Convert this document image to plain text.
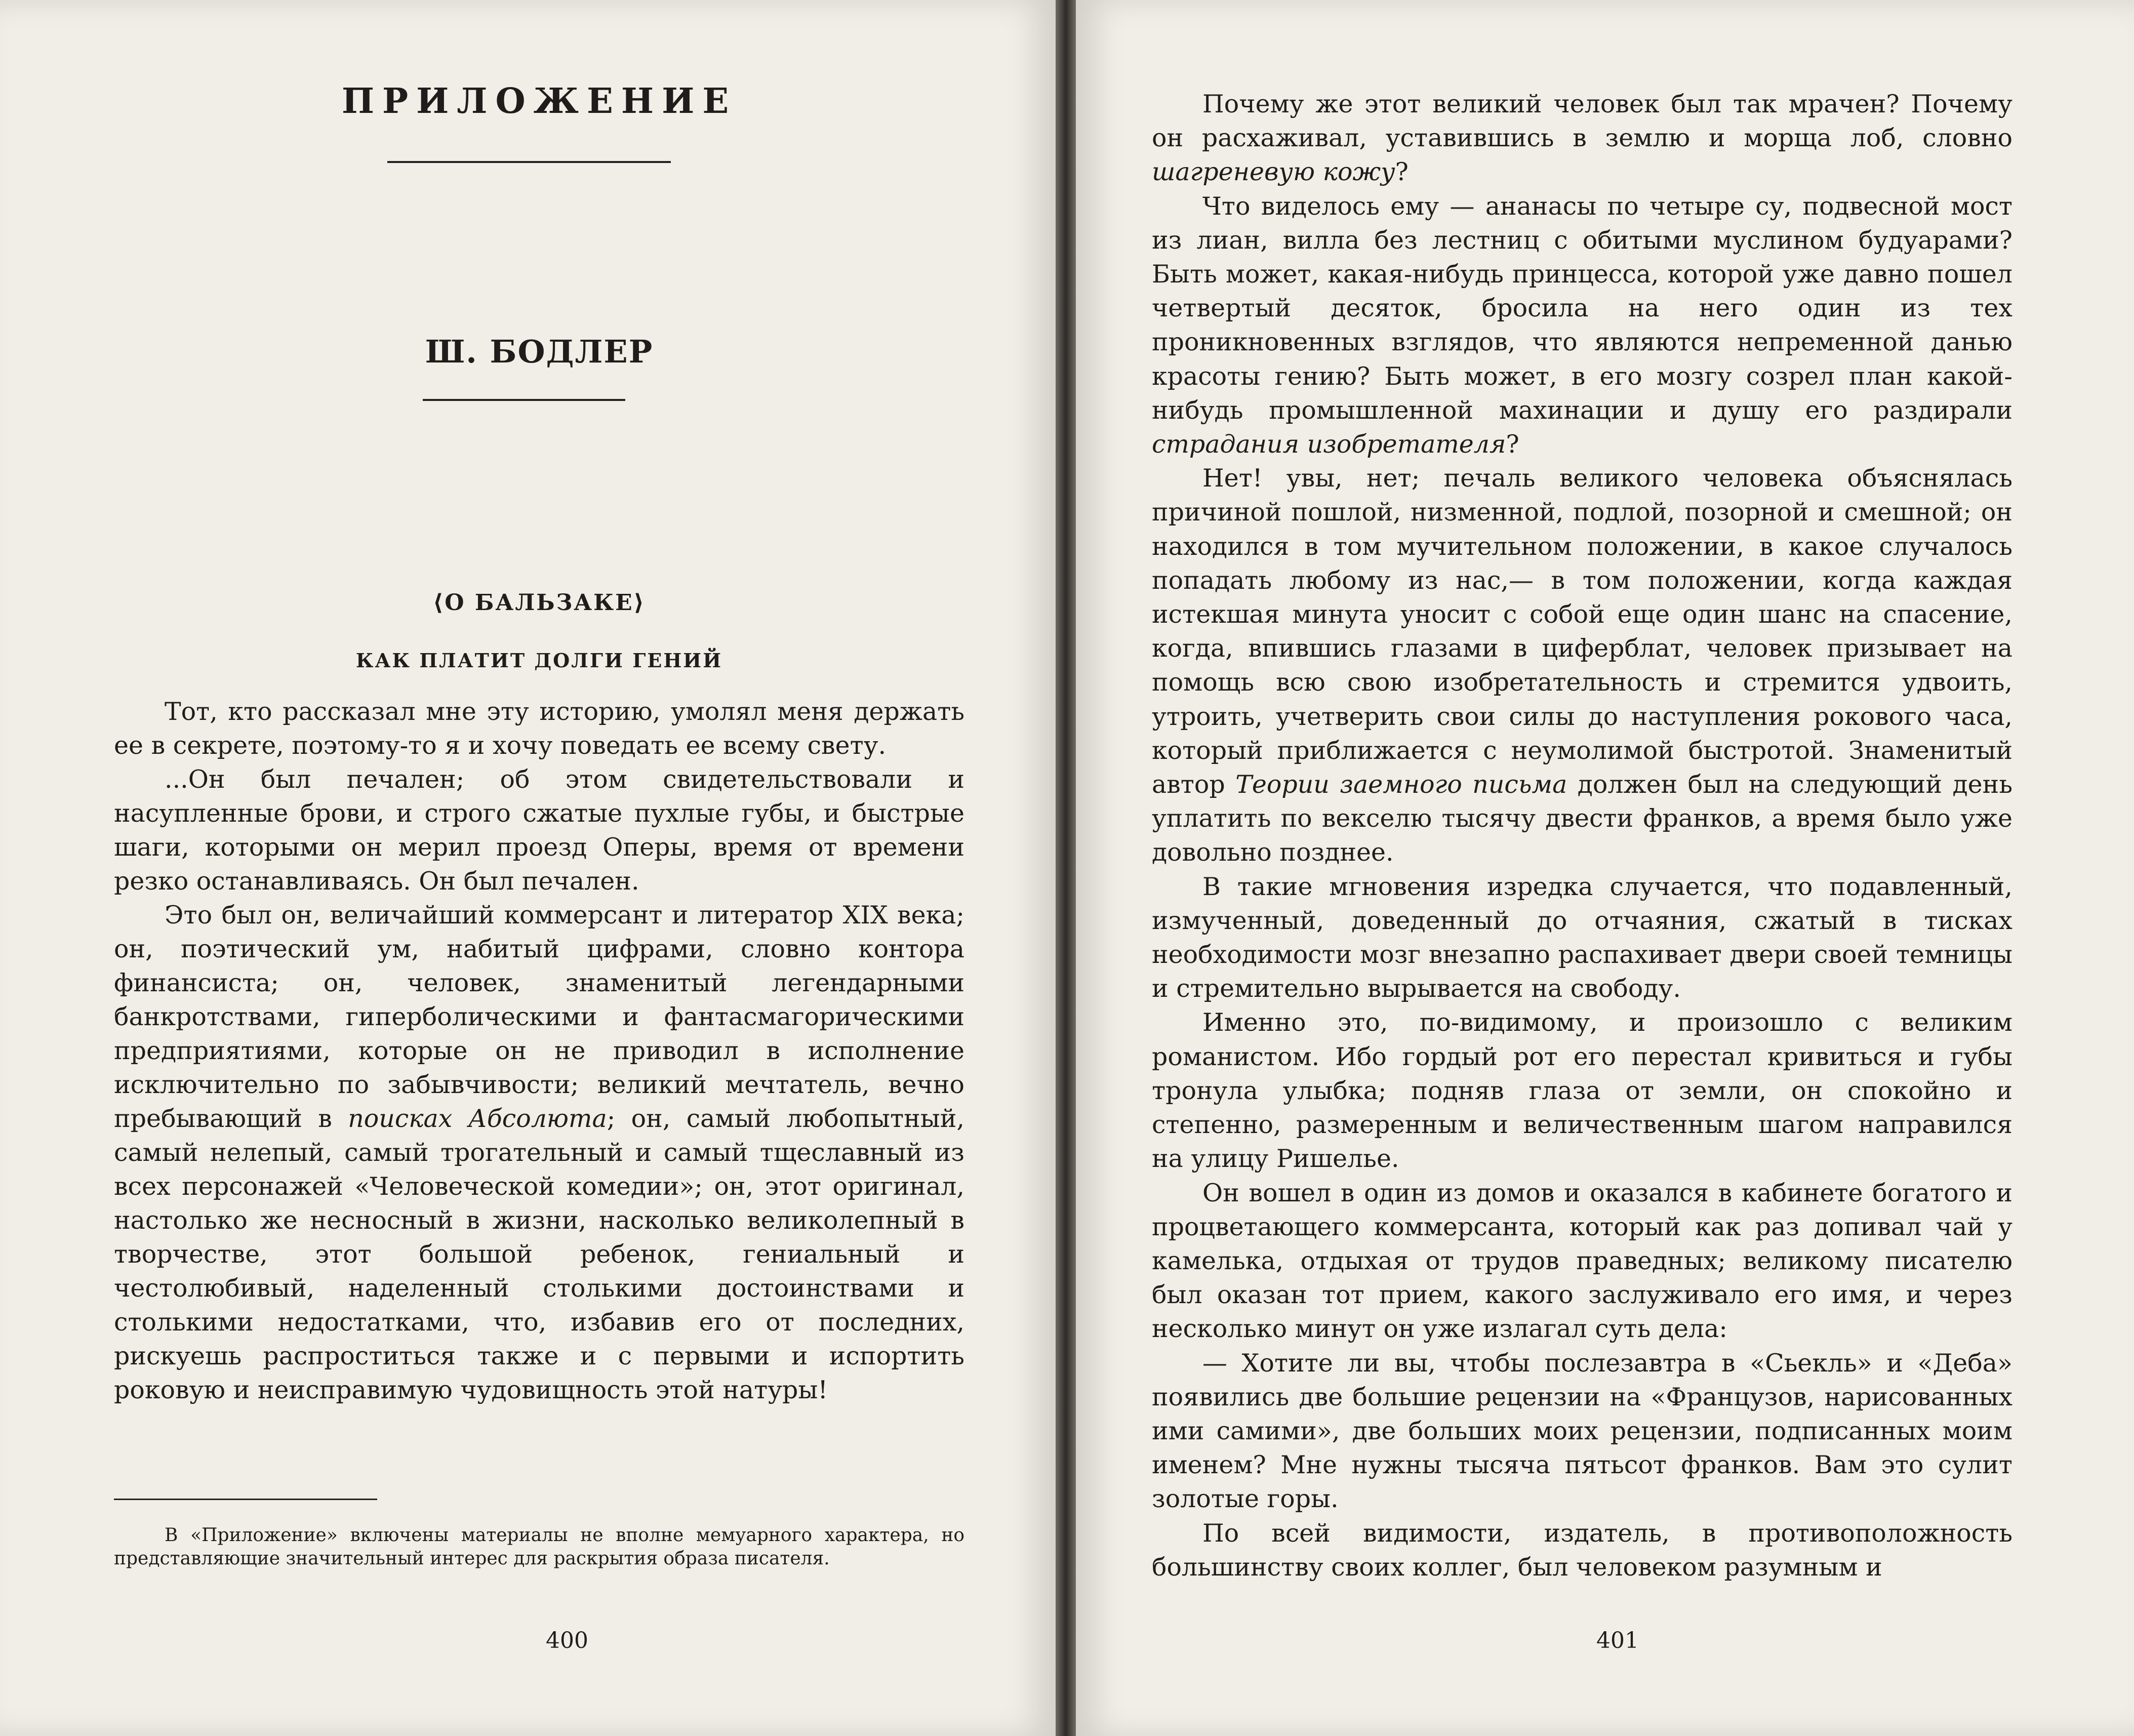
ПРИЛОЖЕНИЕ
Ш. БОДЛЕР
⟨О БАЛЬЗАКЕ⟩
КАК ПЛАТИТ ДОЛГИ ГЕНИЙ

Тот, кто рассказал мне эту историю, умолял меня держать ее в секрете, поэтому-то я и хочу поведать ее всему свету.

...Он был печален; об этом свидетельствовали и насупленные брови, и строго сжатые пухлые губы, и быстрые шаги, которыми он мерил проезд Оперы, время от времени резко останавливаясь. Он был печален.

Это был он, величайший коммерсант и литератор XIX века; он, поэтический ум, набитый цифрами, словно контора финансиста; он, человек, знаменитый легендарными банкротствами, гиперболическими и фантасмагорическими предприятиями, которые он не приводил в исполнение исключительно по забывчивости; великий мечтатель, вечно пребывающий в поисках Абсолюта; он, самый любопытный, самый нелепый, самый трогательный и самый тщеславный из всех персонажей «Человеческой комедии»; он, этот оригинал, настолько же несносный в жизни, насколько великолепный в творчестве, этот большой ребенок, гениальный и честолюбивый, наделенный столькими достоинствами и столькими недостатками, что, избавив его от последних, рискуешь распроститься также и с первыми и испортить роковую и неисправимую чудовищность этой натуры!

В «Приложение» включены материалы не вполне мемуарного характера, но представляющие значительный интерес для раскрытия образа писателя.
400

Почему же этот великий человек был так мрачен? Почему он расхаживал, уставившись в землю и морща лоб, словно шагреневую кожу?

Что виделось ему — ананасы по четыре су, подвесной мост из лиан, вилла без лестниц с обитыми муслином будуарами? Быть может, какая-нибудь принцесса, которой уже давно пошел четвертый десяток, бросила на него один из тех проникновенных взглядов, что являются непременной данью красоты гению? Быть может, в его мозгу созрел план какой-нибудь промышленной махинации и душу его раздирали страдания изобретателя?

Нет! увы, нет; печаль великого человека объяснялась причиной пошлой, низменной, подлой, позорной и смешной; он находился в том мучительном положении, в какое случалось попадать любому из нас,— в том положении, когда каждая истекшая минута уносит с собой еще один шанс на спасение, когда, впившись глазами в циферблат, человек призывает на помощь всю свою изобретательность и стремится удвоить, утроить, учетверить свои силы до наступления рокового часа, который приближается с неумолимой быстротой. Знаменитый автор Теории заемного письма должен был на следующий день уплатить по векселю тысячу двести франков, а время было уже довольно позднее.

В такие мгновения изредка случается, что подавленный, измученный, доведенный до отчаяния, сжатый в тисках необходимости мозг внезапно распахивает двери своей темницы и стремительно вырывается на свободу.

Именно это, по-видимому, и произошло с великим романистом. Ибо гордый рот его перестал кривиться и губы тронула улыбка; подняв глаза от земли, он спокойно и степенно, размеренным и величественным шагом направился на улицу Ришелье.

Он вошел в один из домов и оказался в кабинете богатого и процветающего коммерсанта, который как раз допивал чай у камелька, отдыхая от трудов праведных; великому писателю был оказан тот прием, какого заслуживало его имя, и через несколько минут он уже излагал суть дела:

— Хотите ли вы, чтобы послезавтра в «Сьекль» и «Деба» появились две большие рецензии на «Французов, нарисованных ими самими», две больших моих рецензии, подписанных моим именем? Мне нужны тысяча пятьсот франков. Вам это сулит золотые горы.

По всей видимости, издатель, в противоположность большинству своих коллег, был человеком разумным и

401
